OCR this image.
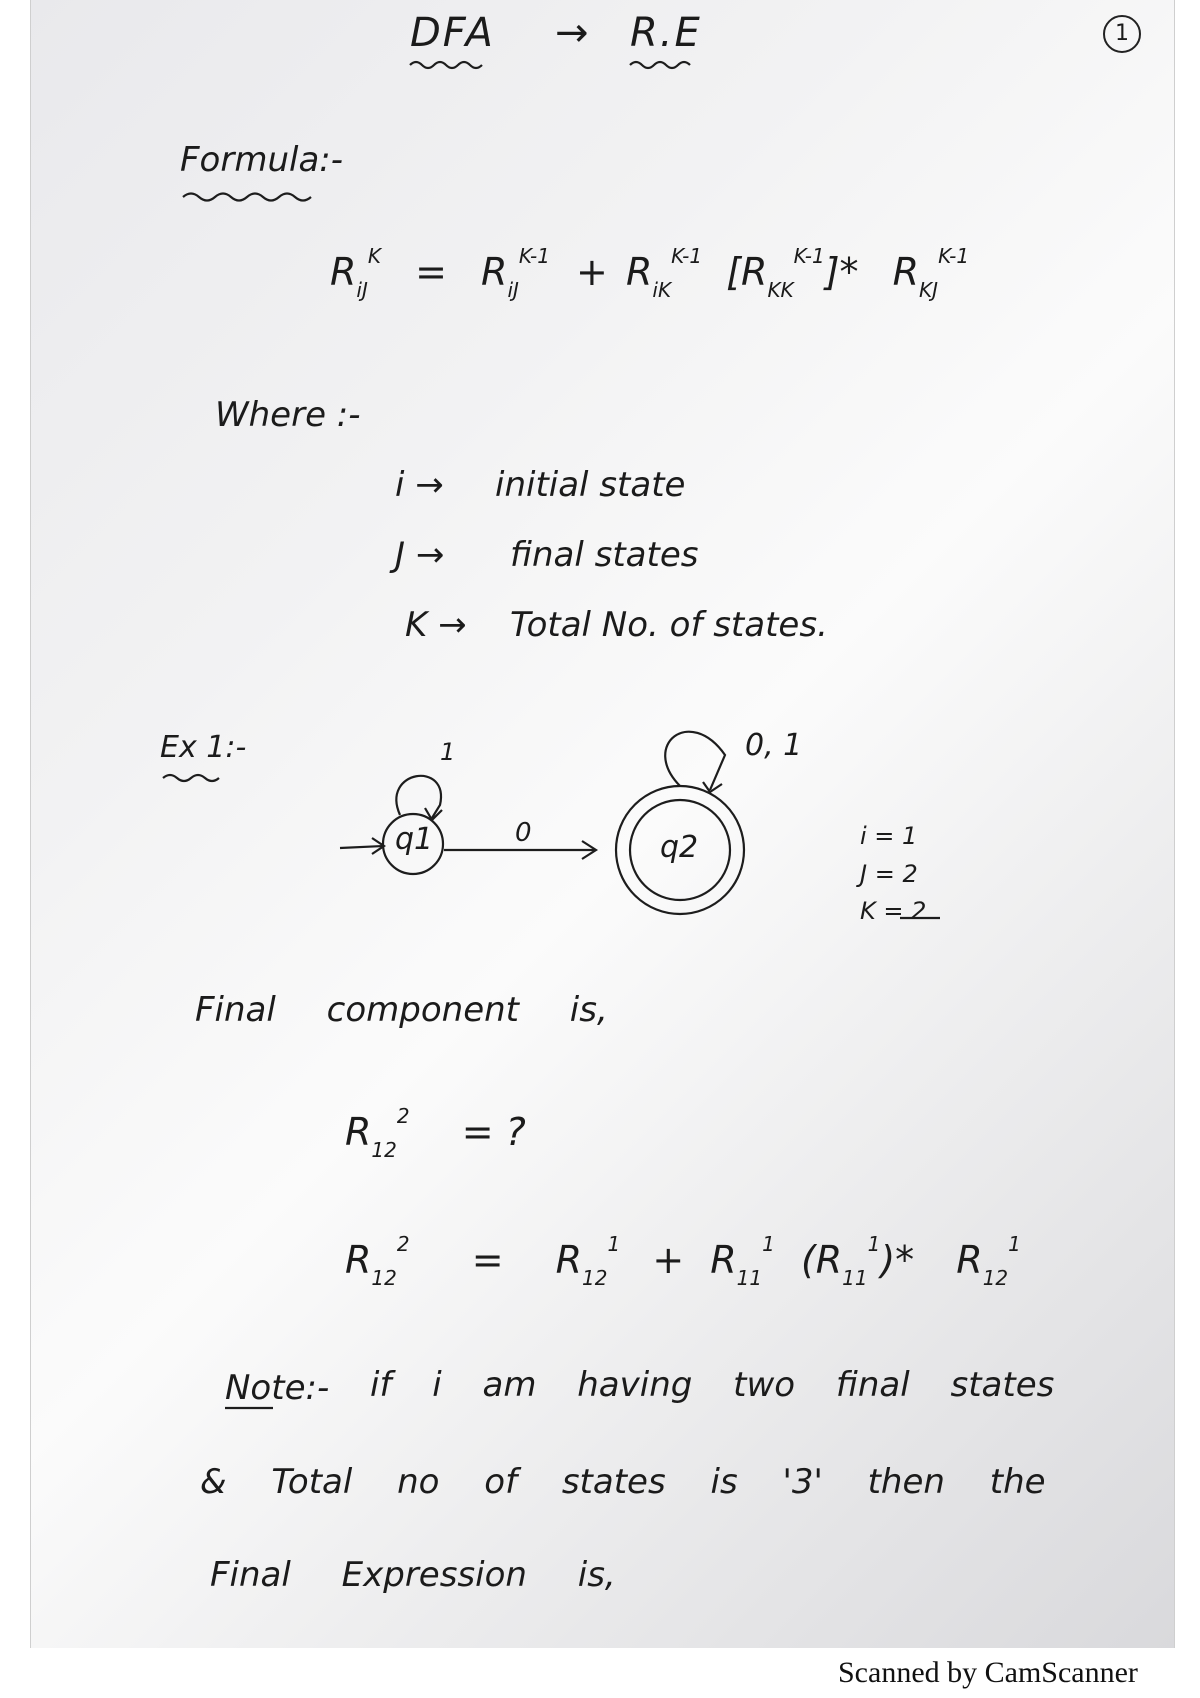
1
DFA → R.E
Formula:-
$R_{iJ}^K = R_{iJ}^{K-1} + R_{iK}^{K-1}$ $[R_{KK}^{K-1}]*$ $R_{KJ}^{K-1}$
Where :-
i → initial state
J → final states
K → Total No. of states.
Ex 1:-
q1	q2
1	0, 1
0	i = 1
J = 2
K = 2
Final component is,
$R_{12}^2$ = ?
$R_{12}^2 = R_{12}^1 + R_{11}^1$ $(R_{11}^1)*$ $R_{12}^1$
Note:- if i am having two final states
& Total no of states is '3' then the
Final Expression is,
Scanned by CamScanner
